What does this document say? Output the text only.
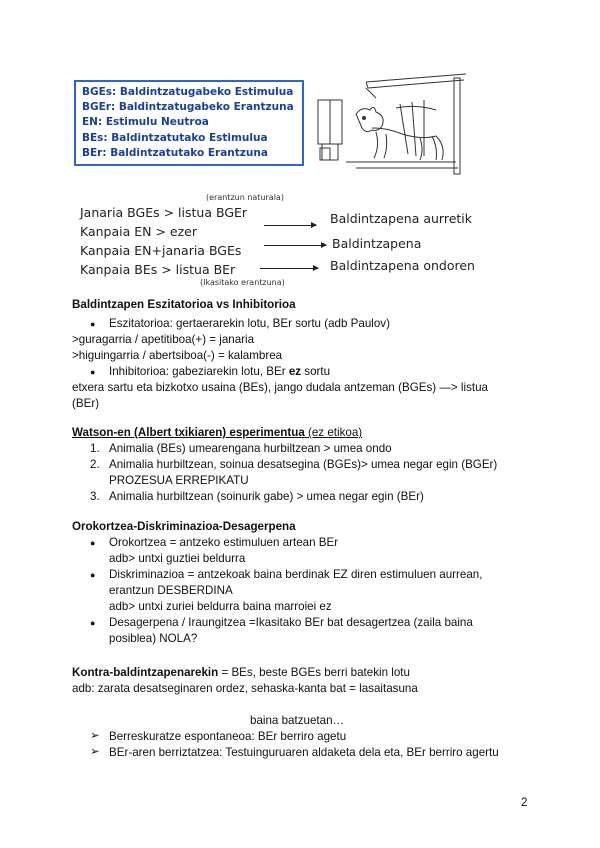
BGEs: Baldintzatugabeko Estimulua
BGEr: Baldintzatugabeko Erantzuna
EN: Estimulu Neutroa
BEs: Baldintzatutako Estimulua
BEr: Baldintzatutako Erantzuna
(erantzun naturala)
Janaria BGEs > listua BGEr
Kanpaia EN > ezer
Kanpaia EN+janaria BGEs
Kanpaia BEs > listua BEr
(Ikasitako erantzuna)
Baldintzapena aurretik
Baldintzapena
Baldintzapena ondoren
Baldintzapen Eszitatorioa vs Inhibitorioa
● Eszitatorioa: gertaerarekin lotu, BEr sortu (adb Paulov)
>guragarria / apetitiboa(+) = janaria
>higuingarria / abertsiboa(-) = kalambrea
● Inhibitorioa: gabeziarekin lotu, BEr ez sortu
etxera sartu eta bizkotxo usaina (BEs), jango dudala antzeman (BGEs) —> listua
(BEr)
Watson-en (Albert txikiaren) esperimentua (ez etikoa)
1. Animalia (BEs) umearengana hurbiltzean > umea ondo
2. Animalia hurbiltzean, soinua desatsegina (BGEs)> umea negar egin (BGEr)
PROZESUA ERREPIKATU
3. Animalia hurbiltzean (soinurik gabe) > umea negar egin (BEr)
Orokortzea-Diskriminazioa-Desagerpena
● Orokortzea = antzeko estimuluen artean BEr
adb> untxi guztiei beldurra
● Diskriminazioa = antzekoak baina berdinak EZ diren estimuluen aurrean,
erantzun DESBERDINA
adb> untxi zuriei beldurra baina marroiei ez
● Desagerpena / Iraungitzea =Ikasitako BEr bat desagertzea (zaila baina
posiblea) NOLA?
Kontra-baldintzapenarekin = BEs, beste BGEs berri batekin lotu
adb: zarata desatseginaren ordez, sehaska-kanta bat = lasaitasuna
baina batzuetan…
➢ Berreskuratze espontaneoa: BEr berriro agetu
➢ BEr-aren berriztatzea: Testuinguruaren aldaketa dela eta, BEr berriro agertu
2
